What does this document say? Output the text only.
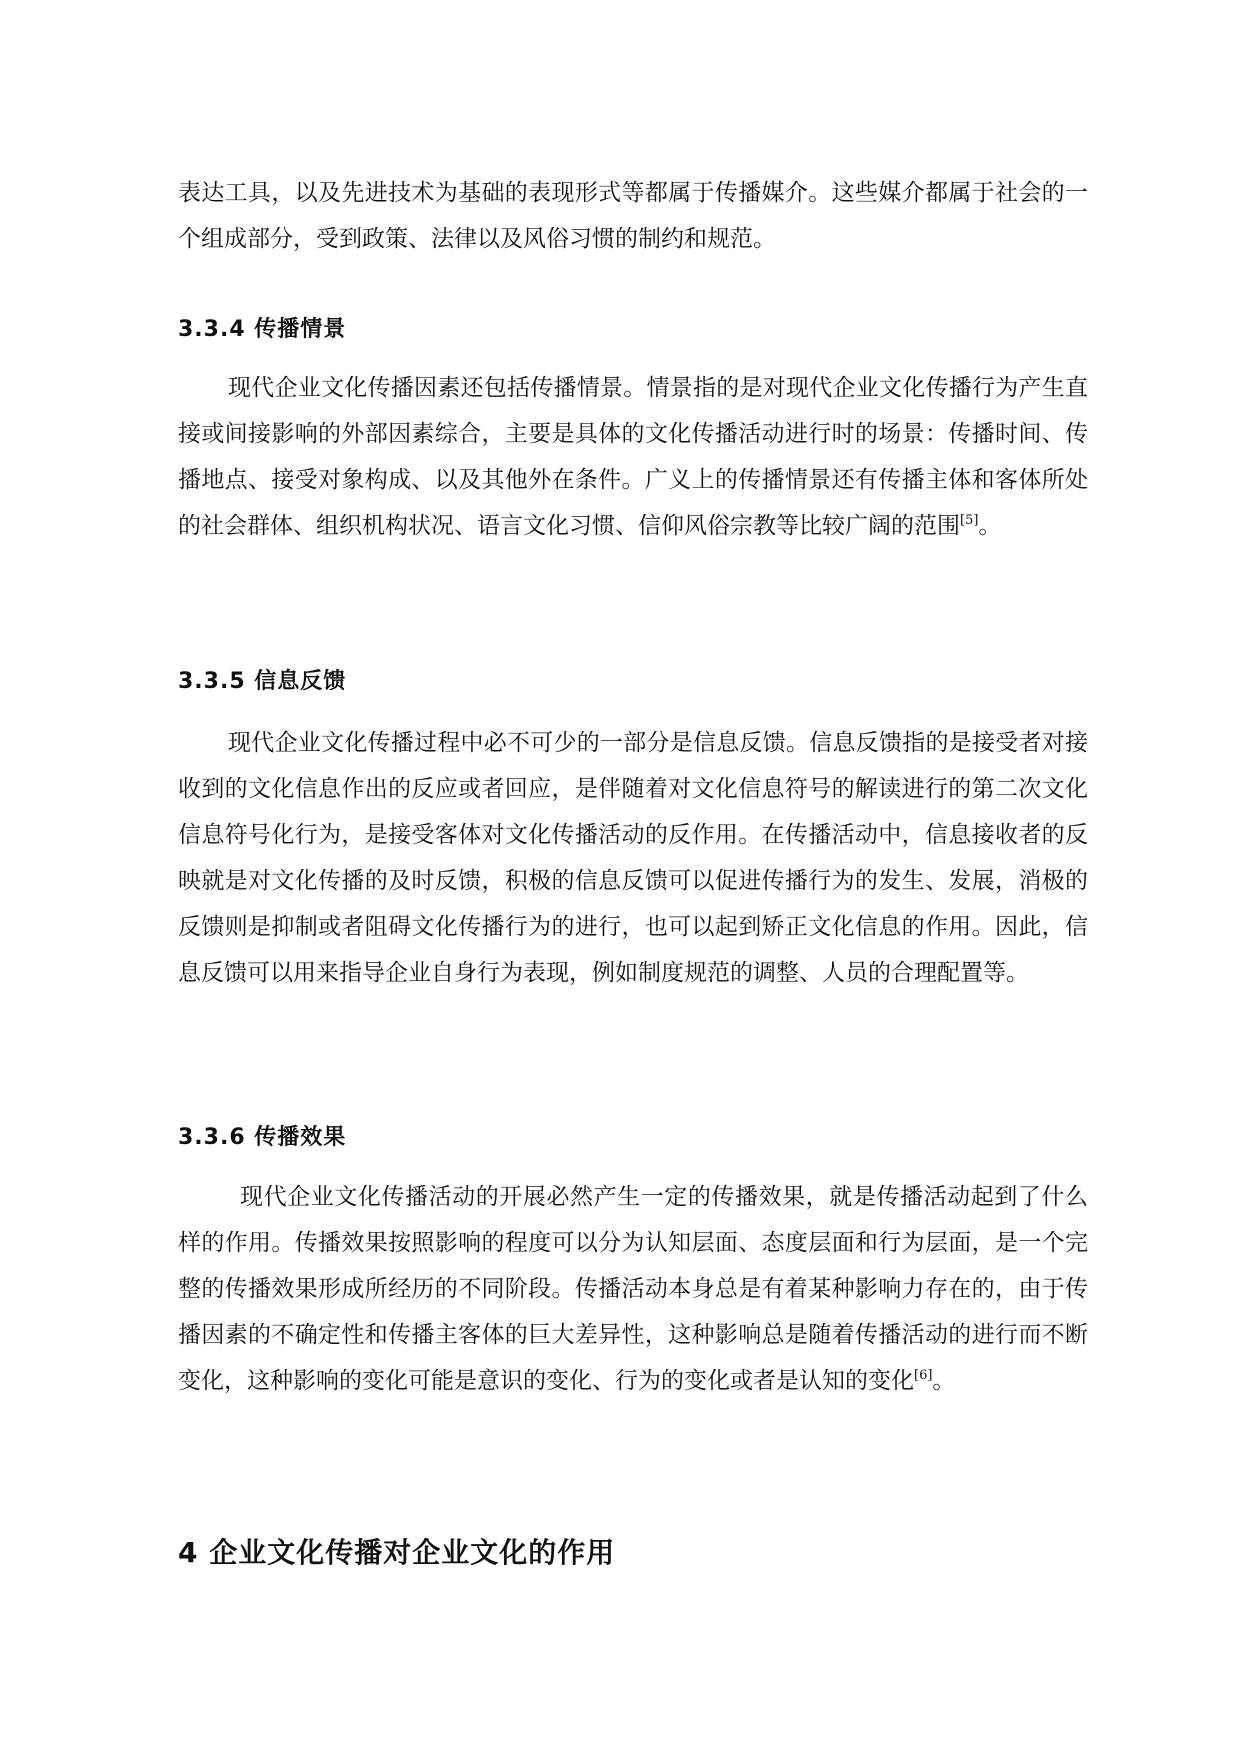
表达工具，以及先进技术为基础的表现形式等都属于传播媒介。这些媒介都属于社会的一个组成部分，受到政策、法律以及风俗习惯的制约和规范。

3.3.4 传播情景

现代企业文化传播因素还包括传播情景。情景指的是对现代企业文化传播行为产生直接或间接影响的外部因素综合，主要是具体的文化传播活动进行时的场景：传播时间、传播地点、接受对象构成、以及其他外在条件。广义上的传播情景还有传播主体和客体所处的社会群体、组织机构状况、语言文化习惯、信仰风俗宗教等比较广阔的范围[5]。

3.3.5 信息反馈

现代企业文化传播过程中必不可少的一部分是信息反馈。信息反馈指的是接受者对接收到的文化信息作出的反应或者回应，是伴随着对文化信息符号的解读进行的第二次文化信息符号化行为，是接受客体对文化传播活动的反作用。在传播活动中，信息接收者的反映就是对文化传播的及时反馈，积极的信息反馈可以促进传播行为的发生、发展，消极的反馈则是抑制或者阻碍文化传播行为的进行，也可以起到矫正文化信息的作用。因此，信息反馈可以用来指导企业自身行为表现，例如制度规范的调整、人员的合理配置等。

3.3.6 传播效果

现代企业文化传播活动的开展必然产生一定的传播效果，就是传播活动起到了什么样的作用。传播效果按照影响的程度可以分为认知层面、态度层面和行为层面，是一个完整的传播效果形成所经历的不同阶段。传播活动本身总是有着某种影响力存在的，由于传播因素的不确定性和传播主客体的巨大差异性，这种影响总是随着传播活动的进行而不断变化，这种影响的变化可能是意识的变化、行为的变化或者是认知的变化[6]。

4 企业文化传播对企业文化的作用
